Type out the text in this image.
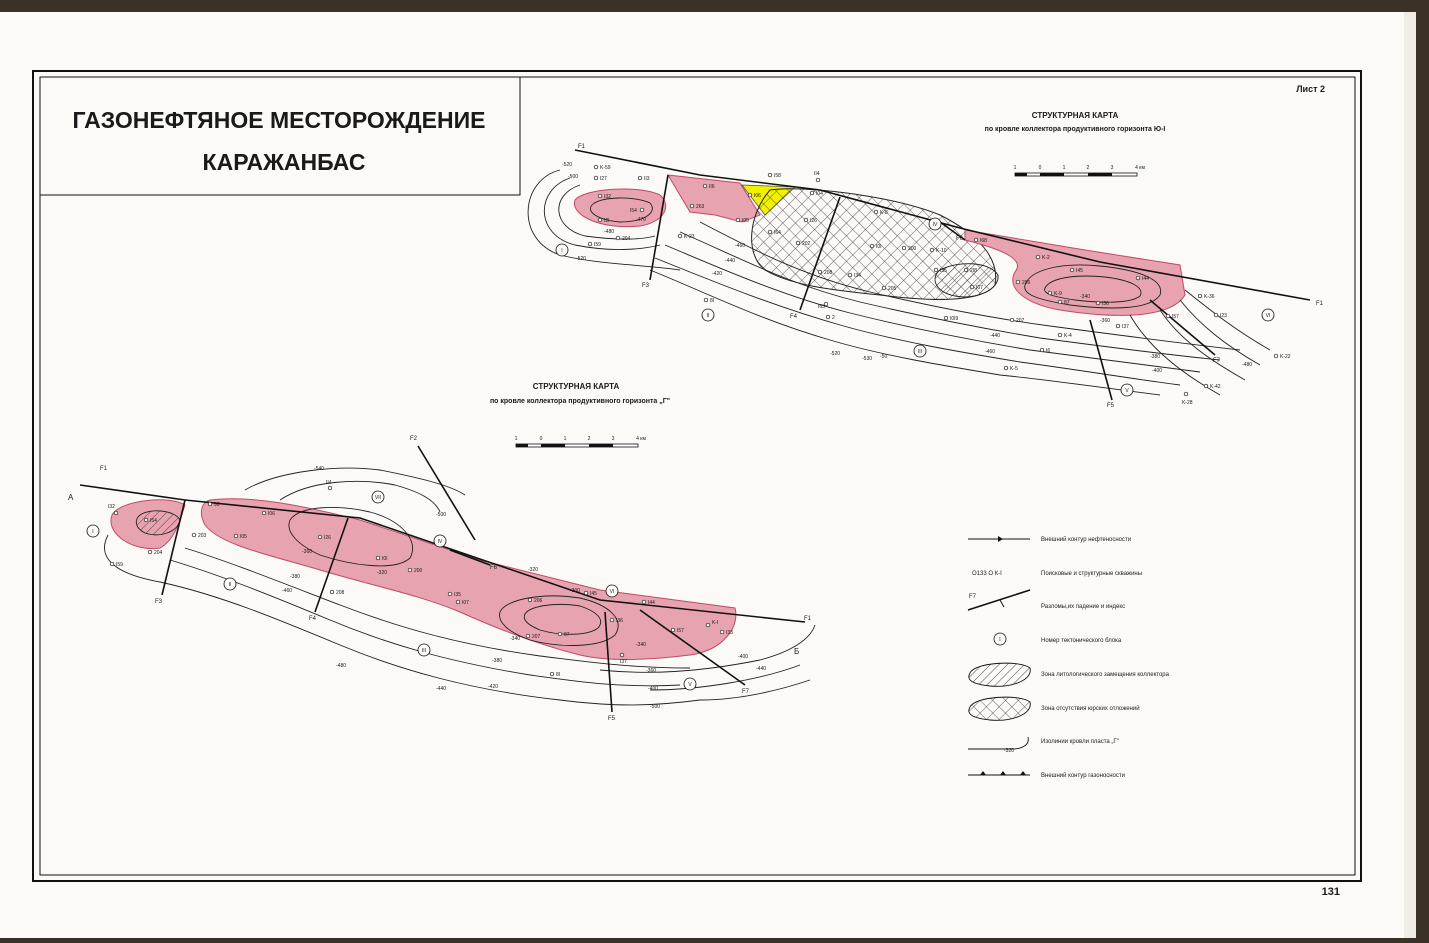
ГАЗОНЕФТЯНОЕ МЕСТОРОЖДЕНИЕ
КАРАЖАНБАС
Лист 2
131
СТРУКТУРНАЯ КАРТА
по кровле коллектора продуктивного горизонта Ю-I
1	0	1	2	3	4 км
F1
F1
F3
F4
F5
F6
F7
I
II
III
IV
V
VI
K-59
I27	II3
I32
I2I
I54
204
I59
II6
263
I05
I58	II4
I06	I04
K-8
I26
K-23
I64
202	I0I	200	K-10
208	I34
I35	2I8
I07
205
I68
K-2
I45
I44
296
K-9
87	I36
K-36
I23
I57
I37
K-4
I0I9	207
I63
2
8I
I6
K-5
K-42
K-28
K-22
-520
-500
-480
-470
-460
-440
-420
-360
-340
-520
-520	-50
-530
-440
-460
-380
-400
-480
СТРУКТУРНАЯ КАРТА
по кровле коллектора продуктивного горизонта „Г"
1	0	1	2	3	4 км
F1
F1
F2
F3
F4
F5
F6
F7
А
Б
I
II
III
IV
V
VI
VII
I32
I54
204
I59
203
98
I06
I05
II4
I26
I0I
200
208	I35
I07	206
87
207
I45
I36
I44
I57
K-I
I33
I37
8I
-540
-500
-460
-480
-440	-420
-380
-360
-380
-320	-320
-340
-340
-360
-400
-500
-400
-440
-300
Внешний контур нефтеносности
О133 О К-I	Поисковые и структурные скважины
F7
Разломы,их падение и индекс
I	Номер тектонического блока
Зона литологического замещения коллектора
Зона отсутствия юрских отложений
-320
Изолинии кровли пласта „Г"
Внешний контур газоносности
